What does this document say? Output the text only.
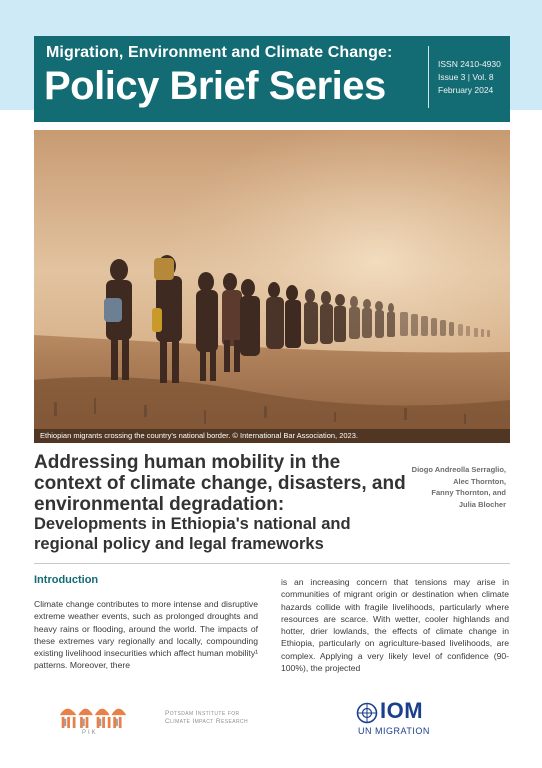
Migration, Environment and Climate Change:
Policy Brief Series	ISSN 2410-4930
Issue 3 | Vol. 8
February 2024
Ethiopian migrants crossing the country's national border. © International Bar Association, 2023.
Addressing human mobility in the context of climate change, disasters, and environmental degradation:
Developments in Ethiopia's national and regional policy and legal frameworks
Diogo Andreolla Serraglio,
Alec Thornton,
Fanny Thornton, and
Julia Blocher
Introduction
Climate change contributes to more intense and disruptive extreme weather events, such as prolonged droughts and heavy rains or flooding, around the world. The impacts of these extremes vary regionally and locally, compounding existing livelihood insecurities which affect human mobility¹ patterns. Moreover, there
is an increasing concern that tensions may arise in communities of migrant origin or destination when climate hazards collide with fragile livelihoods, particularly where resources are scarce. With wetter, cooler highlands and hotter, drier lowlands, the effects of climate change in Ethiopia, particularly on agriculture-based livelihoods, are complex. Applying a very likely level of confidence (90-100%), the projected
PIK
Potsdam Institute for
Climate Impact Research	IOM
UN MIGRATION
